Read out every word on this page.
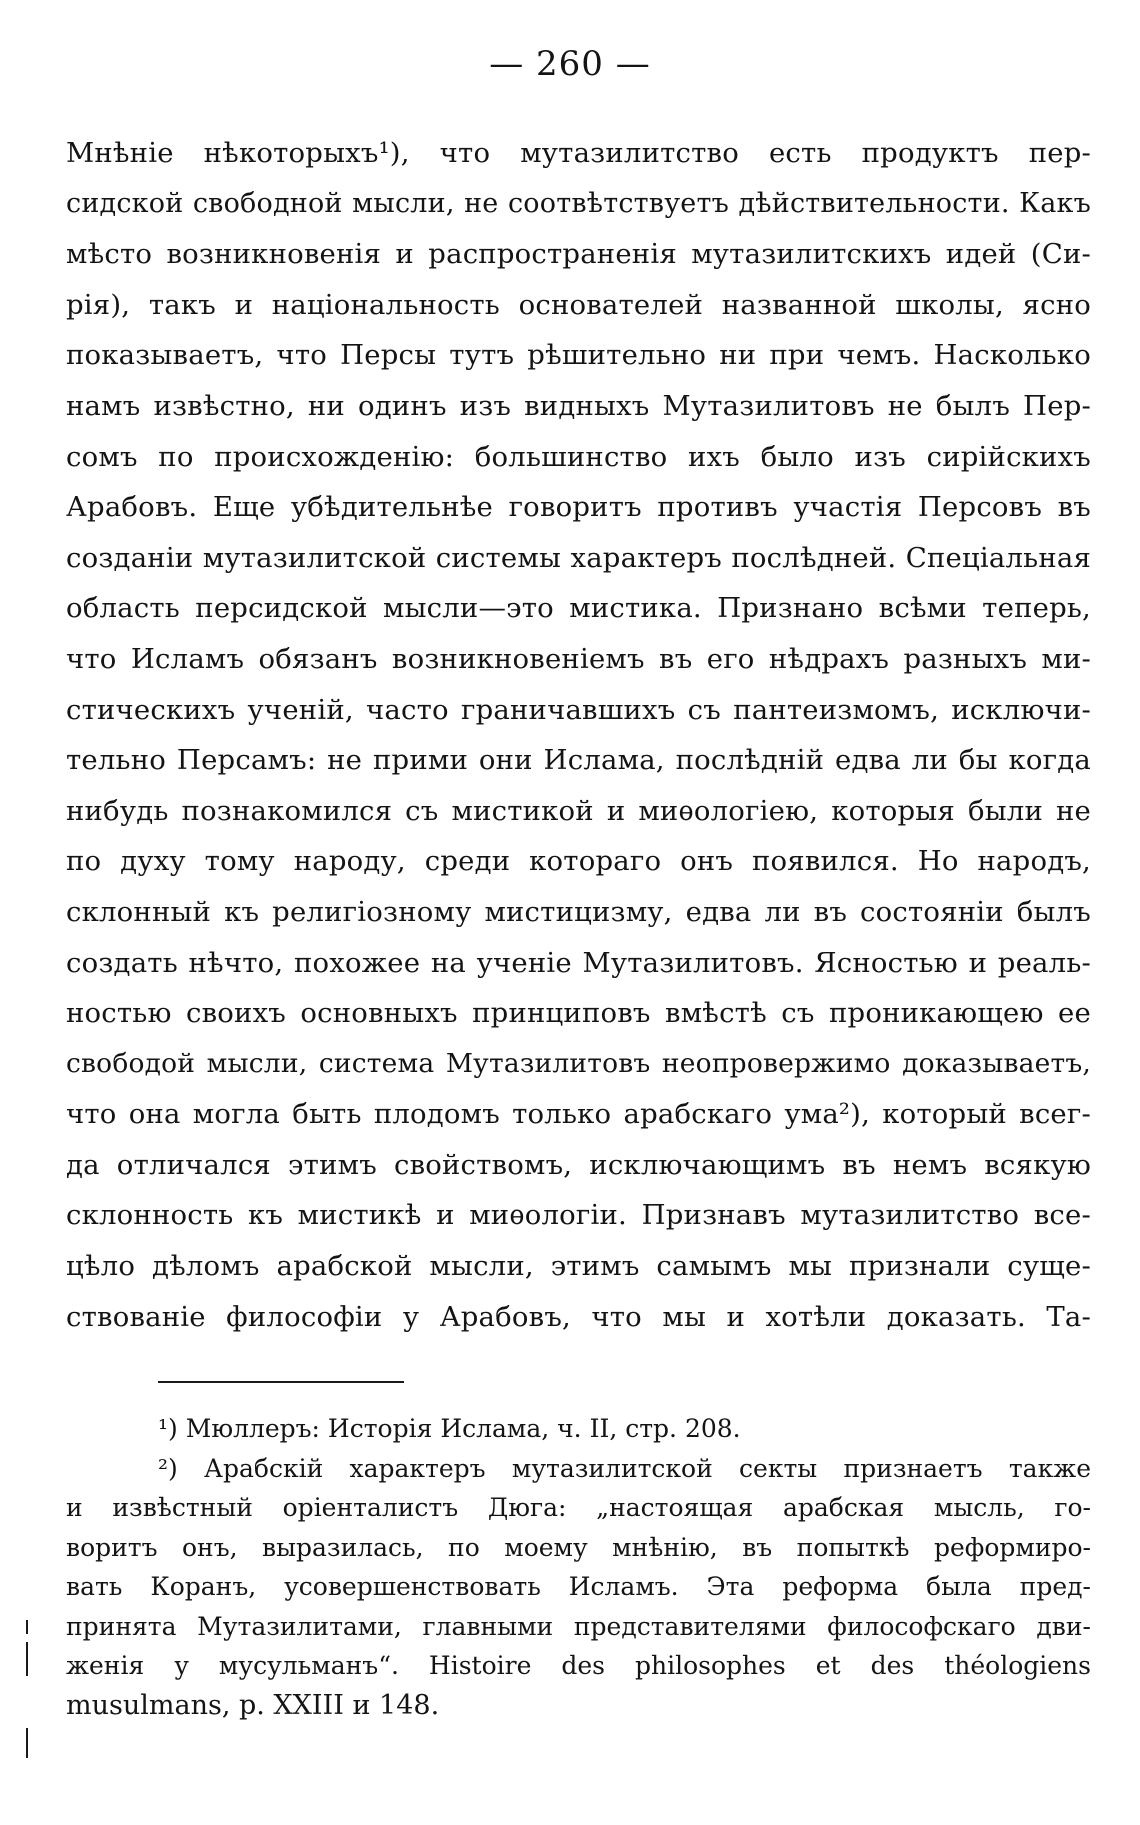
— 260 —
Мнѣніе нѣкоторыхъ¹), что мутазилитство есть продуктъ пер-
сидской свободной мысли, не соотвѣтствуетъ дѣйствительности. Какъ
мѣсто возникновенія и распространенія мутазилитскихъ идей (Си-
рія), такъ и національность основателей названной школы, ясно
показываетъ, что Персы тутъ рѣшительно ни при чемъ. Насколько
намъ извѣстно, ни одинъ изъ видныхъ Мутазилитовъ не былъ Пер-
сомъ по происхожденію: большинство ихъ было изъ сирійскихъ
Арабовъ. Еще убѣдительнѣе говоритъ противъ участія Персовъ въ
созданіи мутазилитской системы характеръ послѣдней. Спеціальная
область персидской мысли—это мистика. Признано всѣми теперь,
что Исламъ обязанъ возникновеніемъ въ его нѣдрахъ разныхъ ми-
стическихъ ученій, часто граничавшихъ съ пантеизмомъ, исключи-
тельно Персамъ: не прими они Ислама, послѣдній едва ли бы когда
нибудь познакомился съ мистикой и миѳологіею, которыя были не
по духу тому народу, среди котораго онъ появился. Но народъ,
склонный къ религіозному мистицизму, едва ли въ состояніи былъ
создать нѣчто, похожее на ученіе Мутазилитовъ. Ясностью и реаль-
ностью своихъ основныхъ принциповъ вмѣстѣ съ проникающею ее
свободой мысли, система Мутазилитовъ неопровержимо доказываетъ,
что она могла быть плодомъ только арабскаго ума²), который всег-
да отличался этимъ свойствомъ, исключающимъ въ немъ всякую
склонность къ мистикѣ и миѳологіи. Признавъ мутазилитство все-
цѣло дѣломъ арабской мысли, этимъ самымъ мы признали суще-
ствованіе философіи у Арабовъ, что мы и хотѣли доказать. Та-
¹) Мюллеръ: Исторія Ислама, ч. II, стр. 208.
²) Арабскій характеръ мутазилитской секты признаетъ также
и извѣстный оріенталистъ Дюга: „настоящая арабская мысль, го-
воритъ онъ, выразилась, по моему мнѣнію, въ попыткѣ реформиро-
вать Коранъ, усовершенствовать Исламъ. Эта реформа была пред-
принята Мутазилитами, главными представителями философскаго дви-
женія у мусульманъ“. Histoire des philosophes et des théologiens
musulmans, p. XXIII и 148.
